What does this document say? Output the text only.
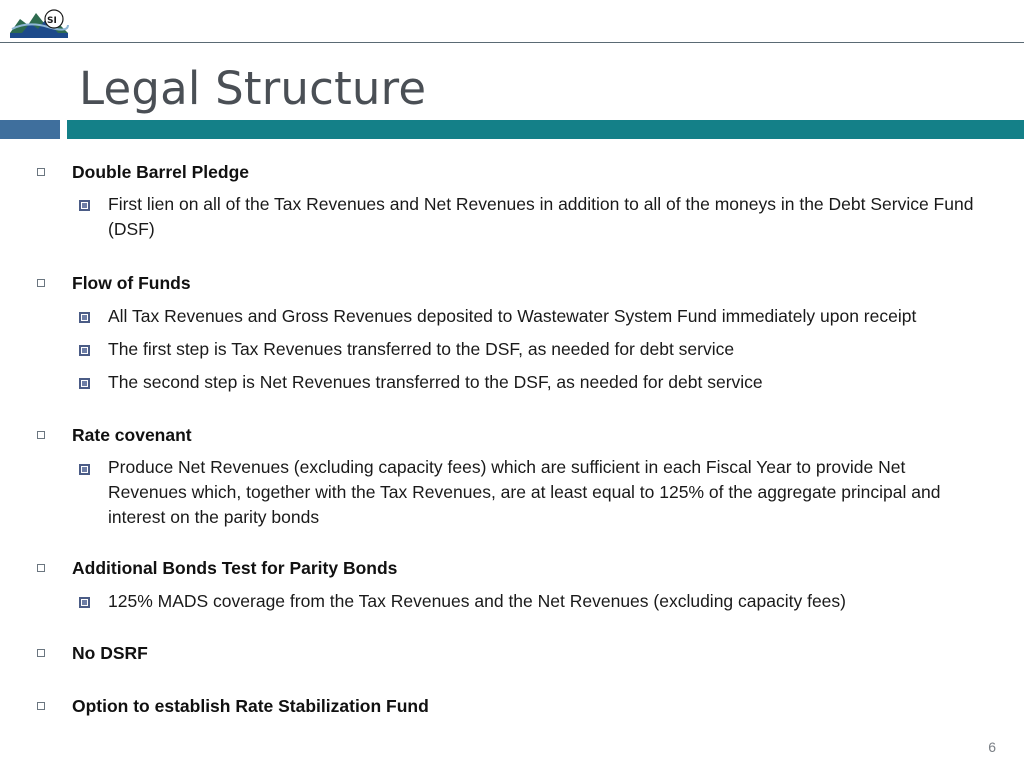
SI
Legal Structure
Double Barrel Pledge
First lien on all of the Tax Revenues and Net Revenues in addition to all of the moneys in the Debt Service Fund (DSF)
Flow of Funds
All Tax Revenues and Gross Revenues deposited to Wastewater System Fund immediately upon receipt
The first step is Tax Revenues transferred to the DSF, as needed for debt service
The second step is Net Revenues transferred to the DSF, as needed for debt service
Rate covenant
Produce Net Revenues (excluding capacity fees) which are sufficient in each Fiscal Year to provide Net Revenues which, together with the Tax Revenues, are at least equal to 125% of the aggregate principal and interest on the parity bonds
Additional Bonds Test for Parity Bonds
125% MADS coverage from the Tax Revenues and the Net Revenues (excluding capacity fees)
No DSRF
Option to establish Rate Stabilization Fund
6
